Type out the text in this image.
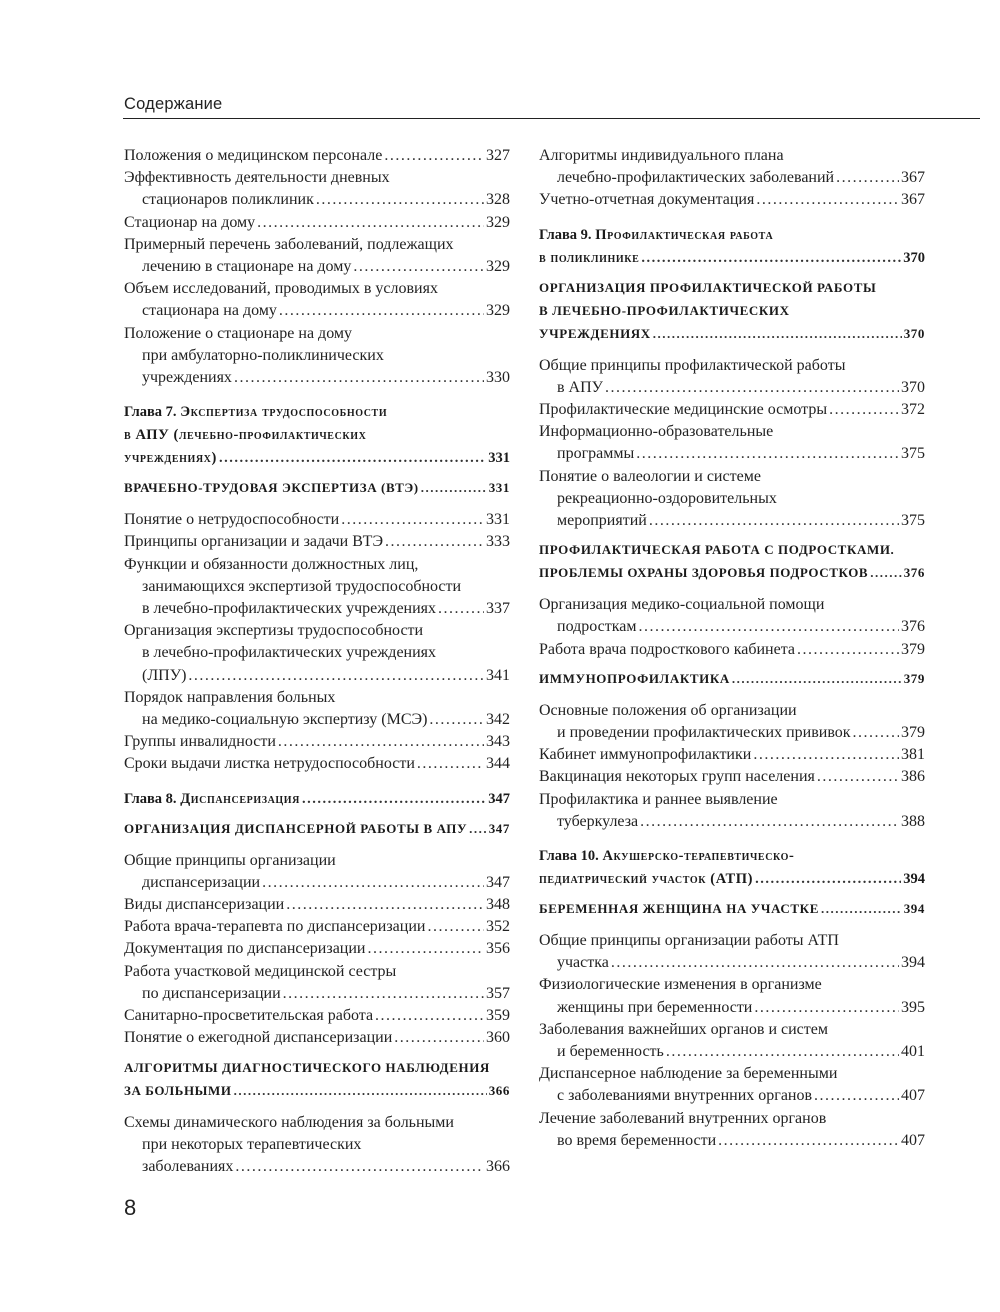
Содержание
Положения о медицинском персонале .....	327
Эффективность деятельности дневных
стационаров поликлиник .....	328
Стационар на дому .....	329
Примерный перечень заболеваний, подлежащих
лечению в стационаре на дому .....	329
Объем исследований, проводимых в условиях
стационара на дому .....	329
Положение о стационаре на дому
при амбулаторно-поликлинических
учреждениях .....	330
Глава 7. Экспертиза трудоспособности
в АПУ (лечебно-профилактических
учреждениях) .....	331
ВРАЧЕБНО-ТРУДОВАЯ ЭКСПЕРТИЗА (ВТЭ) .....	331
Понятие о нетрудоспособности .....	331
Принципы организации и задачи ВТЭ .....	333
Функции и обязанности должностных лиц,
занимающихся экспертизой трудоспособности
в лечебно-профилактических учреждениях .....	337
Организация экспертизы трудоспособности
в лечебно-профилактических учреждениях
(ЛПУ) .....	341
Порядок направления больных
на медико-социальную экспертизу (МСЭ) .....	342
Группы инвалидности .....	343
Сроки выдачи листка нетрудоспособности .....	344
Глава 8. Диспансеризация .....	347
ОРГАНИЗАЦИЯ ДИСПАНСЕРНОЙ РАБОТЫ В АПУ ..... 347
Общие принципы организации
диспансеризации .....	347
Виды диспансеризации .....	348
Работа врача-терапевта по диспансеризации .....	352
Документация по диспансеризации .....	356
Работа участковой медицинской сестры
по диспансеризации .....	357
Санитарно-просветительская работа .....	359
Понятие о ежегодной диспансеризации .....	360
АЛГОРИТМЫ ДИАГНОСТИЧЕСКОГО НАБЛЮДЕНИЯ
ЗА БОЛЬНЫМИ .....	366
Схемы динамического наблюдения за больными
при некоторых терапевтических
заболеваниях .....	366
Алгоритмы индивидуального плана
лечебно-профилактических заболеваний .....	367
Учетно-отчетная документация .....	367
Глава 9. Профилактическая работа
в поликлинике .....	370
ОРГАНИЗАЦИЯ ПРОФИЛАКТИЧЕСКОЙ РАБОТЫ
В ЛЕЧЕБНО-ПРОФИЛАКТИЧЕСКИХ
УЧРЕЖДЕНИЯХ .....	370
Общие принципы профилактической работы
в АПУ .....	370
Профилактические медицинские осмотры .....	372
Информационно-образовательные
программы .....	375
Понятие о валеологии и системе
рекреационно-оздоровительных
мероприятий .....	375
ПРОФИЛАКТИЧЕСКАЯ РАБОТА С ПОДРОСТКАМИ.
ПРОБЛЕМЫ ОХРАНЫ ЗДОРОВЬЯ ПОДРОСТКОВ .....	376
Организация медико-социальной помощи
подросткам .....	376
Работа врача подросткового кабинета .....	379
ИММУНОПРОФИЛАКТИКА .....	379
Основные положения об организации
и проведении профилактических прививок .....	379
Кабинет иммунопрофилактики .....	381
Вакцинация некоторых групп населения .....	386
Профилактика и раннее выявление
туберкулеза .....	388
Глава 10. Акушерско-терапевтическо-
педиатрический участок (АТП) .....	394
БЕРЕМЕННАЯ ЖЕНЩИНА НА УЧАСТКЕ .....	394
Общие принципы организации работы АТП
участка .....	394
Физиологические изменения в организме
женщины при беременности .....	395
Заболевания важнейших органов и систем
и беременность .....	401
Диспансерное наблюдение за беременными
с заболеваниями внутренних органов .....	407
Лечение заболеваний внутренних органов
во время беременности .....	407
8
